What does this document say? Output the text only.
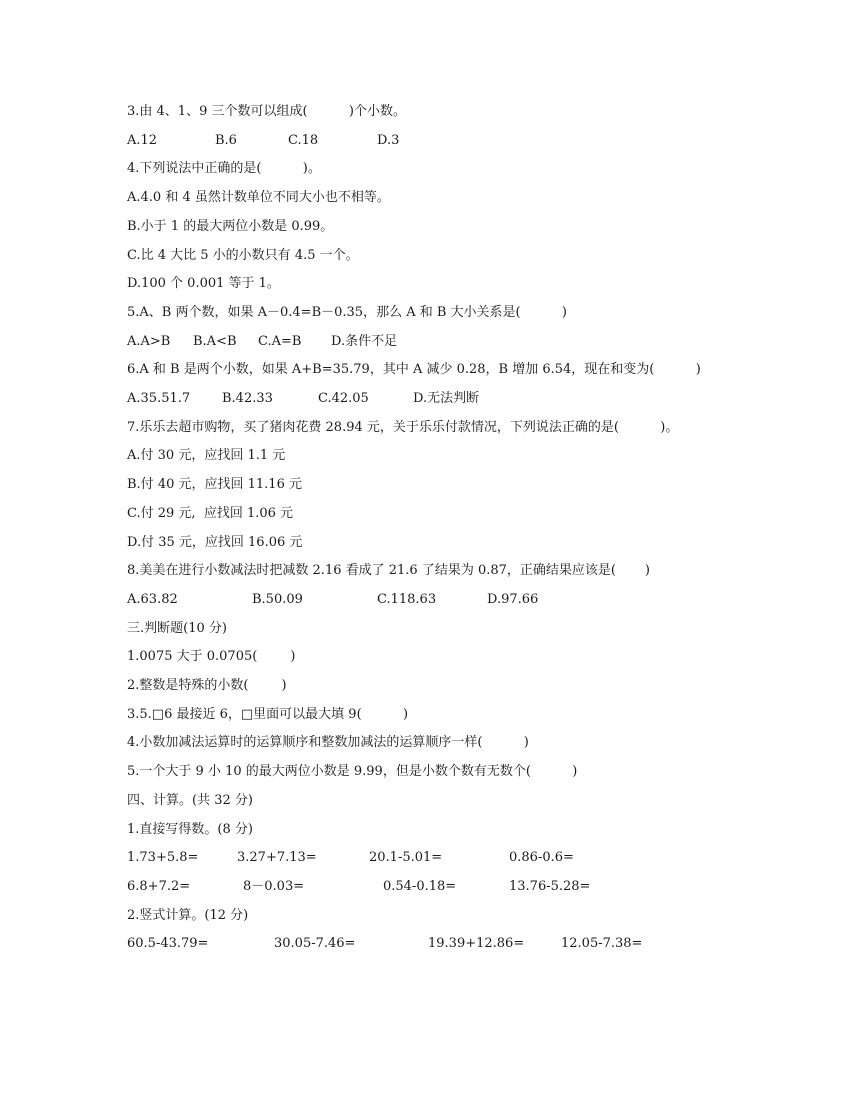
3.由 4、1、9 三个数可以组成(          )个小数。
A.12	B.6	C.18	D.3
4.下列说法中正确的是(          )。
A.4.0 和 4 虽然计数单位不同大小也不相等。
B.小于 1 的最大两位小数是 0.99。
C.比 4 大比 5 小的小数只有 4.5 一个。
D.100 个 0.001 等于 1。
5.A、B 两个数，如果 A－0.4=B－0.35，那么 A 和 B 大小关系是(          )
A.A>B B.A<B C.A=B D.条件不足
6.A 和 B 是两个小数，如果 A+B=35.79，其中 A 减少 0.28，B 增加 6.54，现在和变为(          )
A.35.51.7 B.42.33	C.42.05	D.无法判断
7.乐乐去超市购物，买了猪肉花费 28.94 元，关于乐乐付款情况，下列说法正确的是(          )。
A.付 30 元，应找回 1.1 元
B.付 40 元，应找回 11.16 元
C.付 29 元,  应找回 1.06 元
D.付 35 元，应找回 16.06 元
8.美美在进行小数减法时把减数 2.16 看成了 21.6 了结果为 0.87，正确结果应该是(       )
A.63.82	B.50.09	C.118.63	D.97.66
三.判断题(10 分)
1.0075 大于 0.0705(        )
2.整数是特殊的小数(        )
3.5.□6 最接近 6，□里面可以最大填 9(          )
4.小数加减法运算时的运算顺序和整数加减法的运算顺序一样(          )
5.一个大于 9 小 10 的最大两位小数是 9.99，但是小数个数有无数个(          )
四、计算。(共 32 分)
1.直接写得数。(8 分)
1.73+5.8=	3.27+7.13=	20.1-5.01=	0.86-0.6=
6.8+7.2=	8－0.03=	0.54-0.18=	13.76-5.28=
2.竖式计算。(12 分)
60.5-43.79=	30.05-7.46=	19.39+12.86=	12.05-7.38=
